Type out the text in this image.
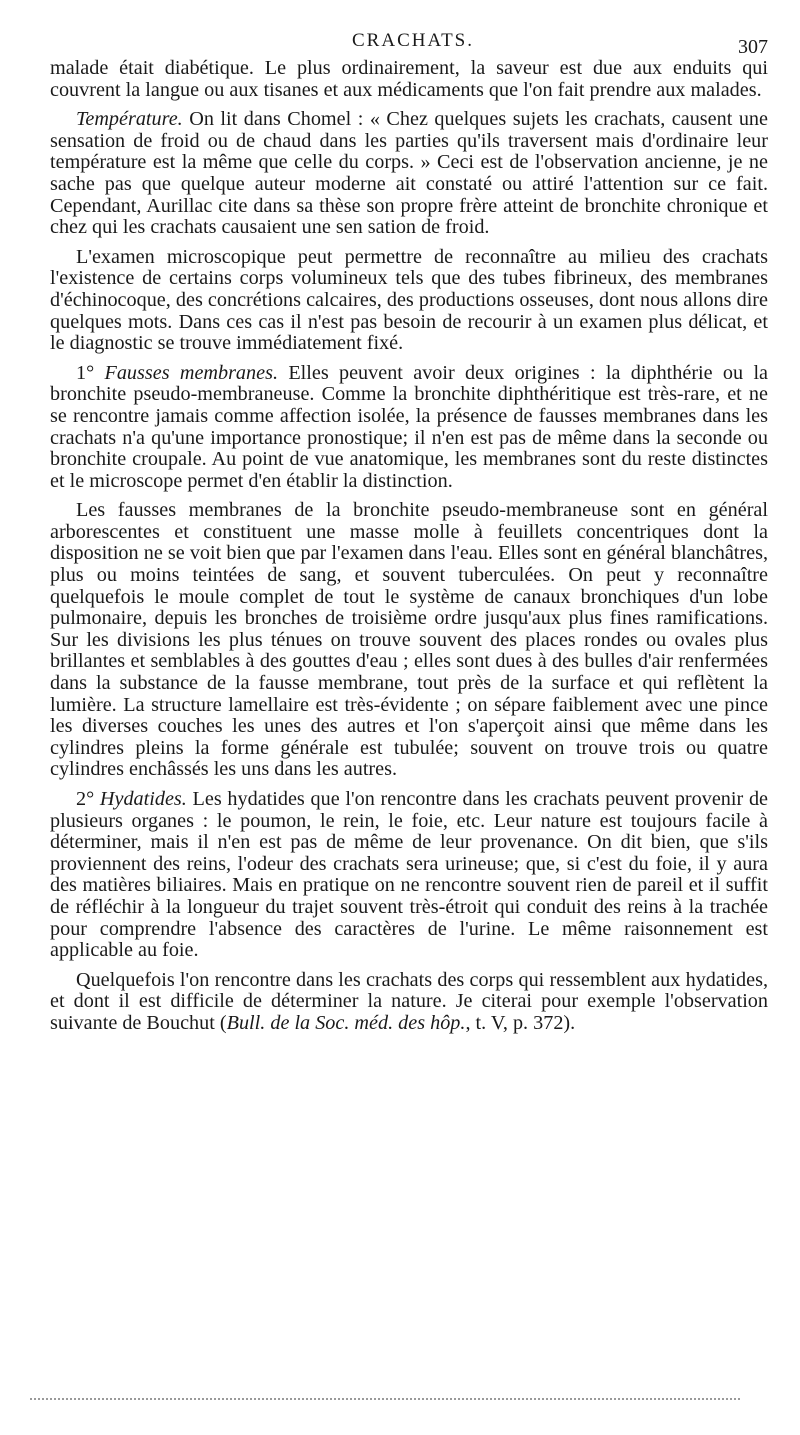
CRACHATS.	307

malade était diabétique. Le plus ordinairement, la saveur est due aux enduits qui couvrent la langue ou aux tisanes et aux médicaments que l'on fait prendre aux malades.

Température. On lit dans Chomel : « Chez quelques sujets les crachats, causent une sensation de froid ou de chaud dans les parties qu'ils traversent mais d'ordinaire leur température est la même que celle du corps. » Ceci est de l'observation ancienne, je ne sache pas que quelque auteur moderne ait constaté ou attiré l'attention sur ce fait. Cependant, Aurillac cite dans sa thèse son propre frère atteint de bronchite chronique et chez qui les crachats causaient une sen sation de froid.

L'examen microscopique peut permettre de reconnaître au milieu des crachats l'existence de certains corps volumineux tels que des tubes fibrineux, des membranes d'échinocoque, des concrétions calcaires, des productions osseuses, dont nous allons dire quelques mots. Dans ces cas il n'est pas besoin de recourir à un examen plus délicat, et le diagnostic se trouve immédiatement fixé.

1° Fausses membranes. Elles peuvent avoir deux origines : la diphthérie ou la bronchite pseudo-membraneuse. Comme la bronchite diphthéritique est très-rare, et ne se rencontre jamais comme affection isolée, la présence de fausses membranes dans les crachats n'a qu'une importance pronostique; il n'en est pas de même dans la seconde ou bronchite croupale. Au point de vue anatomique, les membranes sont du reste distinctes et le microscope permet d'en établir la distinction.

Les fausses membranes de la bronchite pseudo-membraneuse sont en général arborescentes et constituent une masse molle à feuillets concentriques dont la disposition ne se voit bien que par l'examen dans l'eau. Elles sont en général blanchâtres, plus ou moins teintées de sang, et souvent tuberculées. On peut y reconnaître quelquefois le moule complet de tout le système de canaux bronchiques d'un lobe pulmonaire, depuis les bronches de troisième ordre jusqu'aux plus fines ramifications. Sur les divisions les plus ténues on trouve souvent des places rondes ou ovales plus brillantes et semblables à des gouttes d'eau ; elles sont dues à des bulles d'air renfermées dans la substance de la fausse membrane, tout près de la surface et qui reflètent la lumière. La structure lamellaire est très-évidente ; on sépare faiblement avec une pince les diverses couches les unes des autres et l'on s'aperçoit ainsi que même dans les cylindres pleins la forme générale est tubulée; souvent on trouve trois ou quatre cylindres enchâssés les uns dans les autres.

2° Hydatides. Les hydatides que l'on rencontre dans les crachats peuvent provenir de plusieurs organes : le poumon, le rein, le foie, etc. Leur nature est toujours facile à déterminer, mais il n'en est pas de même de leur provenance. On dit bien, que s'ils proviennent des reins, l'odeur des crachats sera urineuse; que, si c'est du foie, il y aura des matières biliaires. Mais en pratique on ne rencontre souvent rien de pareil et il suffit de réfléchir à la longueur du trajet souvent très-étroit qui conduit des reins à la trachée pour comprendre l'absence des caractères de l'urine. Le même raisonnement est applicable au foie.

Quelquefois l'on rencontre dans les crachats des corps qui ressemblent aux hydatides, et dont il est difficile de déterminer la nature. Je citerai pour exemple l'observation suivante de Bouchut (Bull. de la Soc. méd. des hôp., t. V, p. 372).
